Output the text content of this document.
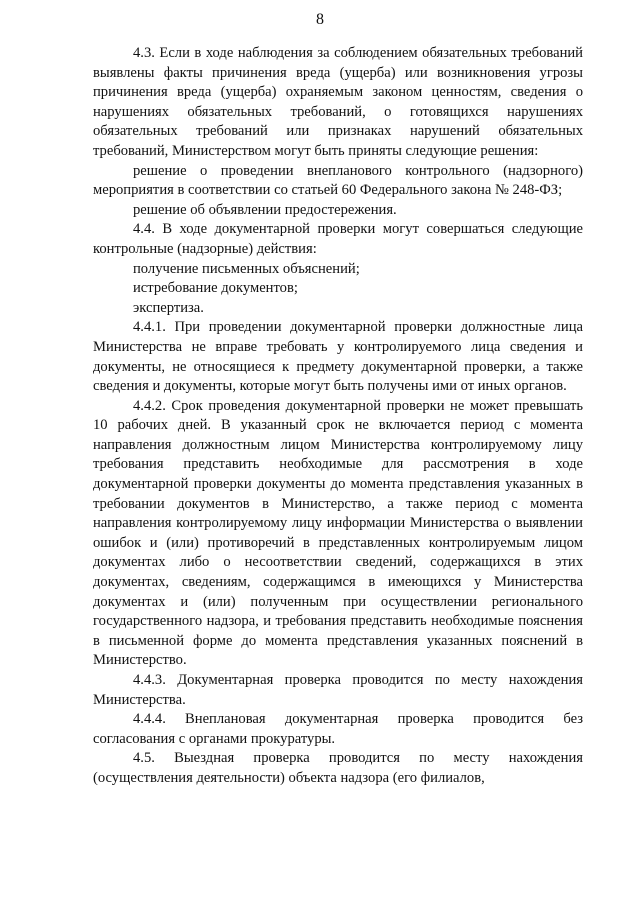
8

4.3. Если в ходе наблюдения за соблюдением обязательных требований выявлены факты причинения вреда (ущерба) или возникновения угрозы причинения вреда (ущерба) охраняемым законом ценностям, сведения о нарушениях обязательных требований, о готовящихся нарушениях обязательных требований или признаках нарушений обязательных требований, Министерством могут быть приняты следующие решения:

решение о проведении внепланового контрольного (надзорного) мероприятия в соответствии со статьей 60 Федерального закона № 248-ФЗ;

решение об объявлении предостережения.

4.4. В ходе документарной проверки могут совершаться следующие контрольные (надзорные) действия:

получение письменных объяснений;

истребование документов;

экспертиза.

4.4.1. При проведении документарной проверки должностные лица Министерства не вправе требовать у контролируемого лица сведения и документы, не относящиеся к предмету документарной проверки, а также сведения и документы, которые могут быть получены ими от иных органов.

4.4.2. Срок проведения документарной проверки не может превышать 10 рабочих дней. В указанный срок не включается период с момента направления должностным лицом Министерства контролируемому лицу требования представить необходимые для рассмотрения в ходе документарной проверки документы до момента представления указанных в требовании документов в Министерство, а также период с момента направления контролируемому лицу информации Министерства о выявлении ошибок и (или) противоречий в представленных контролируемым лицом документах либо о несоответствии сведений, содержащихся в этих документах, сведениям, содержащимся в имеющихся у Министерства документах и (или) полученным при осуществлении регионального государственного надзора, и требования представить необходимые пояснения в письменной форме до момента представления указанных пояснений в Министерство.

4.4.3. Документарная проверка проводится по месту нахождения Министерства.

4.4.4. Внеплановая документарная проверка проводится без согласования с органами прокуратуры.

4.5. Выездная проверка проводится по месту нахождения (осуществления деятельности) объекта надзора (его филиалов,
